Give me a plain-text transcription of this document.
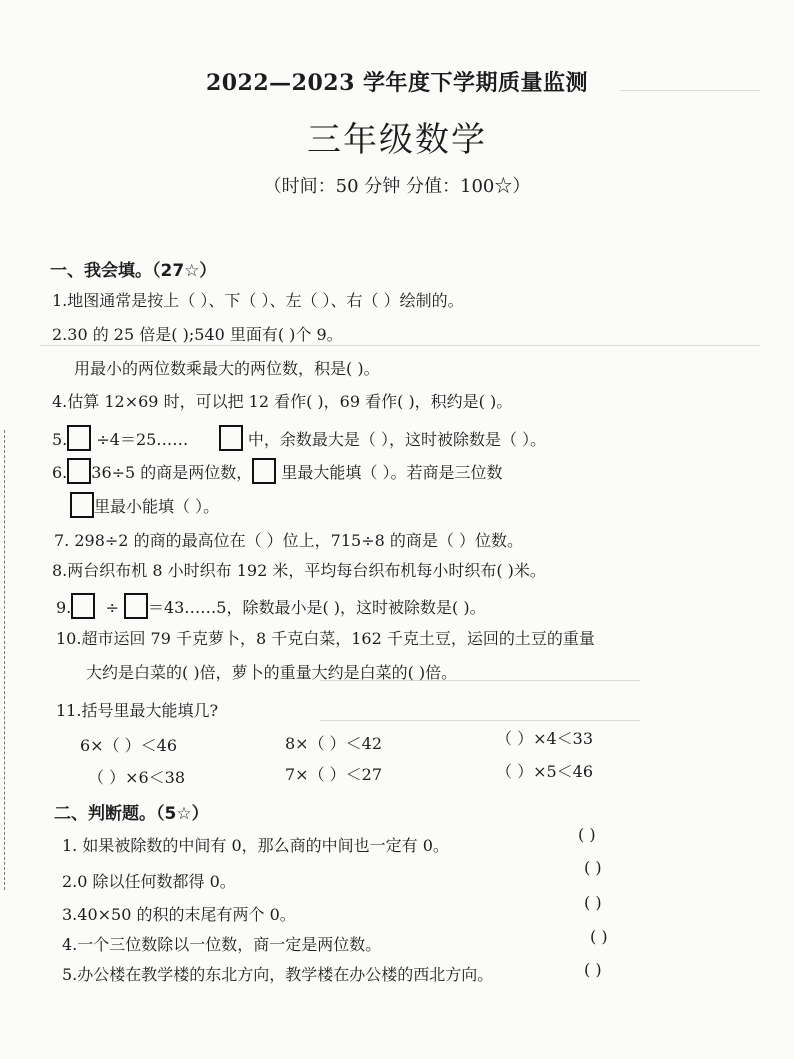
2022—2023 学年度下学期质量监测
三年级数学
（时间：50 分钟 分值：100☆）
一、我会填。（27☆）
1.地图通常是按上（ ）、下（ ）、左（ ）、右（ ）绘制的。
2.30 的 25 倍是( );540 里面有( )个 9。
用最小的两位数乘最大的两位数，积是( )。
4.估算 12×69 时，可以把 12 看作( )，69 看作( )，积约是( )。
5. ÷4＝25……	中，余数最大是（ ），这时被除数是（ ）。
6. 36÷5 的商是两位数， 里最大能填（ ）。若商是三位数
里最小能填（ ）。
7. 298÷2 的商的最高位在（ ）位上，715÷8 的商是（ ）位数。
8.两台织布机 8 小时织布 192 米，平均每台织布机每小时织布( )米。
9. ÷ ＝43……5，除数最小是( )，这时被除数是( )。
10.超市运回 79 千克萝卜，8 千克白菜，162 千克土豆，运回的土豆的重量
大约是白菜的( )倍，萝卜的重量大约是白菜的( )倍。
11.括号里最大能填几?
6×（ ）＜46	8×（ ）＜42	（ ）×4＜33
（ ）×6＜38	7×（ ）＜27	（ ）×5＜46
二、判断题。（5☆）
1. 如果被除数的中间有 0，那么商的中间也一定有 0。
( )
2.0 除以任何数都得 0。
( )
3.40×50 的积的末尾有两个 0。
( )
4.一个三位数除以一位数，商一定是两位数。	( )
5.办公楼在教学楼的东北方向，教学楼在办公楼的西北方向。	( )
